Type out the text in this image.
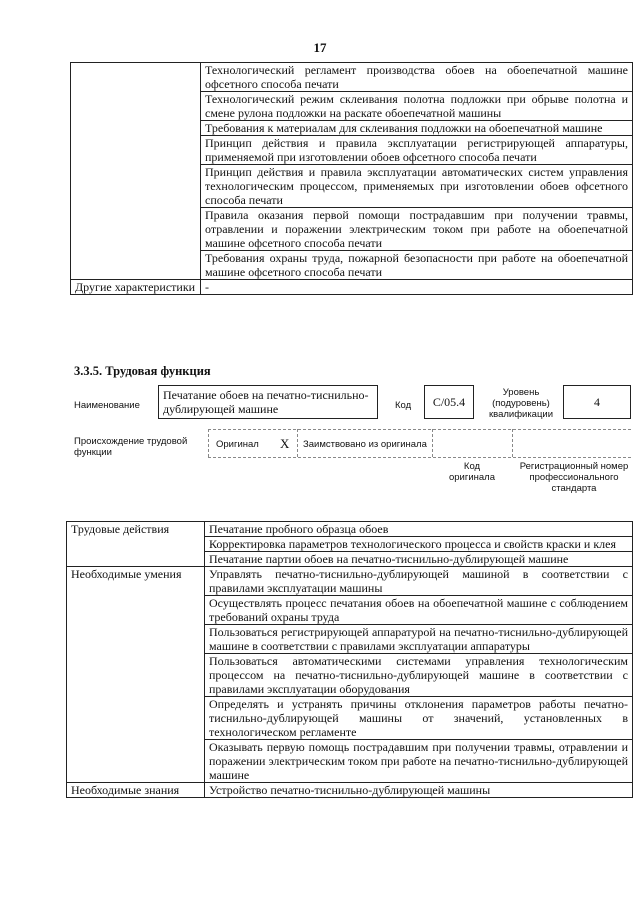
17
	Технологический регламент производства обоев на обоепечатной машине офсетного способа печати
	Технологический режим склеивания полотна подложки при обрыве полотна и смене рулона подложки на раскате обоепечатной машины
	Требования к материалам для склеивания подложки на обоепечатной машине
	Принцип действия и правила эксплуатации регистрирующей аппаратуры, применяемой при изготовлении обоев офсетного способа печати
	Принцип действия и правила эксплуатации автоматических систем управления технологическим процессом, применяемых при изготовлении обоев офсетного способа печати
	Правила оказания первой помощи пострадавшим при получении травмы, отравлении и поражении электрическим током при работе на обоепечатной машине офсетного способа печати
	Требования охраны труда, пожарной безопасности при работе на обоепечатной машине офсетного способа печати
Другие характеристики	-
3.3.5. Трудовая функция
Наименование
Печатание обоев на печатно-тиснильно-дублирующей машине	Код	C/05.4
Уровень (подуровень) квалификации
4
Происхождение трудовой функции
Оригинал X Заимствовано из оригинала
Код оригинала
Регистрационный номер профессионального стандарта
Трудовые действия	Печатание пробного образца обоев
	Корректировка параметров технологического процесса и свойств краски и клея
	Печатание партии обоев на печатно-тиснильно-дублирующей машине
Необходимые умения	Управлять печатно-тиснильно-дублирующей машиной в соответствии с правилами эксплуатации машины
	Осуществлять процесс печатания обоев на обоепечатной машине с соблюдением требований охраны труда
	Пользоваться регистрирующей аппаратурой на печатно-тиснильно-дублирующей машине в соответствии с правилами эксплуатации аппаратуры
	Пользоваться автоматическими системами управления технологическим процессом на печатно-тиснильно-дублирующей машине в соответствии с правилами эксплуатации оборудования
	Определять и устранять причины отклонения параметров работы печатно-тиснильно-дублирующей машины от значений, установленных в технологическом регламенте
	Оказывать первую помощь пострадавшим при получении травмы, отравлении и поражении электрическим током при работе на печатно-тиснильно-дублирующей машине
Необходимые знания	Устройство печатно-тиснильно-дублирующей машины
